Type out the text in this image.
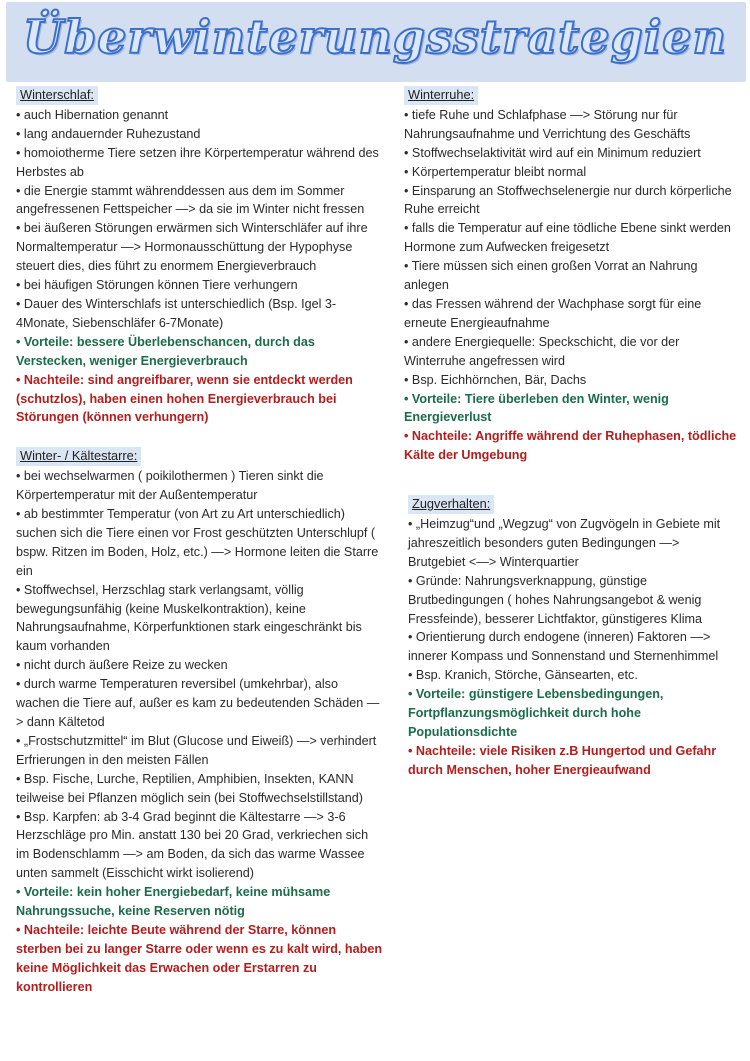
Überwinterungsstrategien
Winterschlaf:
• auch Hibernation genannt
• lang andauernder Ruhezustand
• homoiotherme Tiere setzen ihre Körpertemperatur während des Herbstes ab
• die Energie stammt währenddessen aus dem im Sommer angefressenen Fettspeicher —> da sie im Winter nicht fressen
• bei äußeren Störungen erwärmen sich Winterschläfer auf ihre Normaltemperatur —> Hormonausschüttung der Hypophyse steuert dies, dies führt zu enormem Energieverbrauch
• bei häufigen Störungen können Tiere verhungern
• Dauer des Winterschlafs ist unterschiedlich (Bsp. Igel 3-4Monate, Siebenschläfer 6-7Monate)
• Vorteile: bessere Überlebenschancen, durch das Verstecken, weniger Energieverbrauch
• Nachteile: sind angreifbarer, wenn sie entdeckt werden (schutzlos), haben einen hohen Energieverbrauch bei Störungen (können verhungern)
Winter- / Kältestarre:
• bei wechselwarmen ( poikilothermen ) Tieren sinkt die Körpertemperatur mit der Außentemperatur
• ab bestimmter Temperatur (von Art zu Art unterschiedlich) suchen sich die Tiere einen vor Frost geschützten Unterschlupf ( bspw. Ritzen im Boden, Holz, etc.) —> Hormone leiten die Starre ein
• Stoffwechsel, Herzschlag stark verlangsamt, völlig bewegungsunfähig (keine Muskelkontraktion), keine Nahrungsaufnahme, Körperfunktionen stark eingeschränkt bis kaum vorhanden
• nicht durch äußere Reize zu wecken
• durch warme Temperaturen reversibel (umkehrbar), also wachen die Tiere auf, außer es kam zu bedeutenden Schäden —> dann Kältetod
• „Frostschutzmittel“ im Blut (Glucose und Eiweiß) —> verhindert Erfrierungen in den meisten Fällen
• Bsp. Fische, Lurche, Reptilien, Amphibien, Insekten, KANN teilweise bei Pflanzen möglich sein (bei Stoffwechselstillstand)
• Bsp. Karpfen: ab 3-4 Grad beginnt die Kältestarre —> 3-6 Herzschläge pro Min. anstatt 130 bei 20 Grad, verkriechen sich im Bodenschlamm —> am Boden, da sich das warme Wassee unten sammelt (Eisschicht wirkt isolierend)
• Vorteile: kein hoher Energiebedarf, keine mühsame Nahrungssuche, keine Reserven nötig
• Nachteile: leichte Beute während der Starre, können sterben bei zu langer Starre oder wenn es zu kalt wird, haben keine Möglichkeit das Erwachen oder Erstarren zu kontrollieren
Winterruhe:
• tiefe Ruhe und Schlafphase —> Störung nur für Nahrungsaufnahme und Verrichtung des Geschäfts
• Stoffwechselaktivität wird auf ein Minimum reduziert
• Körpertemperatur bleibt normal
• Einsparung an Stoffwechselenergie nur durch körperliche Ruhe erreicht
• falls die Temperatur auf eine tödliche Ebene sinkt werden Hormone zum Aufwecken freigesetzt
• Tiere müssen sich einen großen Vorrat an Nahrung anlegen
• das Fressen während der Wachphase sorgt für eine erneute Energieaufnahme
• andere Energiequelle: Speckschicht, die vor der Winterruhe angefressen wird
• Bsp. Eichhörnchen, Bär, Dachs
• Vorteile: Tiere überleben den Winter, wenig Energieverlust
• Nachteile: Angriffe während der Ruhephasen, tödliche Kälte der Umgebung
Zugverhalten:
• „Heimzug“und „Wegzug“ von Zugvögeln in Gebiete mit jahreszeitlich besonders guten Bedingungen —> Brutgebiet <—> Winterquartier
• Gründe: Nahrungsverknappung, günstige Brutbedingungen ( hohes Nahrungsangebot & wenig Fressfeinde), besserer Lichtfaktor, günstigeres Klima
• Orientierung durch endogene (inneren) Faktoren —> innerer Kompass und Sonnenstand und Sternenhimmel
• Bsp. Kranich, Störche, Gänsearten, etc.
• Vorteile: günstigere Lebensbedingungen, Fortpflanzungsmöglichkeit durch hohe Populationsdichte
• Nachteile: viele Risiken z.B Hungertod und Gefahr durch Menschen, hoher Energieaufwand
